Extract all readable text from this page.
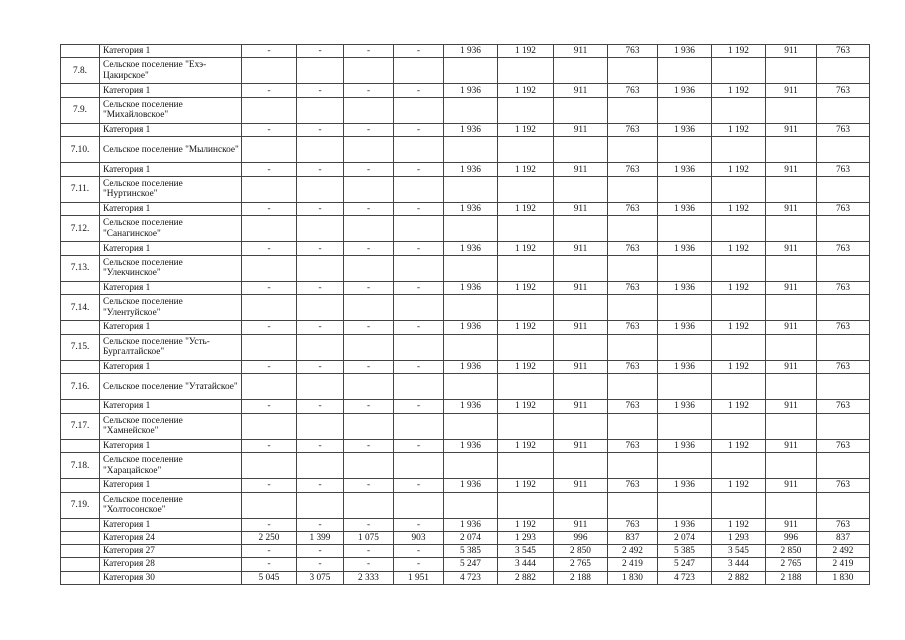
	Категория 1	-	-	-	-	1 936	1 192	911	763	1 936	1 192	911	763
7.8.	Сельское поселение "Ехэ-Цакирское"												
	Категория 1	-	-	-	-	1 936	1 192	911	763	1 936	1 192	911	763
7.9.	Сельское поселение "Михайловское"												
	Категория 1	-	-	-	-	1 936	1 192	911	763	1 936	1 192	911	763
7.10.	Сельское поселение "Мылинское"												
	Категория 1	-	-	-	-	1 936	1 192	911	763	1 936	1 192	911	763
7.11.	Сельское поселение "Нуртинское"												
	Категория 1	-	-	-	-	1 936	1 192	911	763	1 936	1 192	911	763
7.12.	Сельское поселение "Санагинское"												
	Категория 1	-	-	-	-	1 936	1 192	911	763	1 936	1 192	911	763
7.13.	Сельское поселение "Улекчинское"												
	Категория 1	-	-	-	-	1 936	1 192	911	763	1 936	1 192	911	763
7.14.	Сельское поселение "Улентуйское"												
	Категория 1	-	-	-	-	1 936	1 192	911	763	1 936	1 192	911	763
7.15.	Сельское поселение "Усть-Бургалтайское"												
	Категория 1	-	-	-	-	1 936	1 192	911	763	1 936	1 192	911	763
7.16.	Сельское поселение "Утатайское"												
	Категория 1	-	-	-	-	1 936	1 192	911	763	1 936	1 192	911	763
7.17.	Сельское поселение "Хамнейское"												
	Категория 1	-	-	-	-	1 936	1 192	911	763	1 936	1 192	911	763
7.18.	Сельское поселение "Харацайское"												
	Категория 1	-	-	-	-	1 936	1 192	911	763	1 936	1 192	911	763
7.19.	Сельское поселение "Холтосонское"												
	Категория 1	-	-	-	-	1 936	1 192	911	763	1 936	1 192	911	763
	Категория 24	2 250	1 399	1 075	903	2 074	1 293	996	837	2 074	1 293	996	837
	Категория 27	-	-	-	-	5 385	3 545	2 850	2 492	5 385	3 545	2 850	2 492
	Категория 28	-	-	-	-	5 247	3 444	2 765	2 419	5 247	3 444	2 765	2 419
	Категория 30	5 045	3 075	2 333	1 951	4 723	2 882	2 188	1 830	4 723	2 882	2 188	1 830
